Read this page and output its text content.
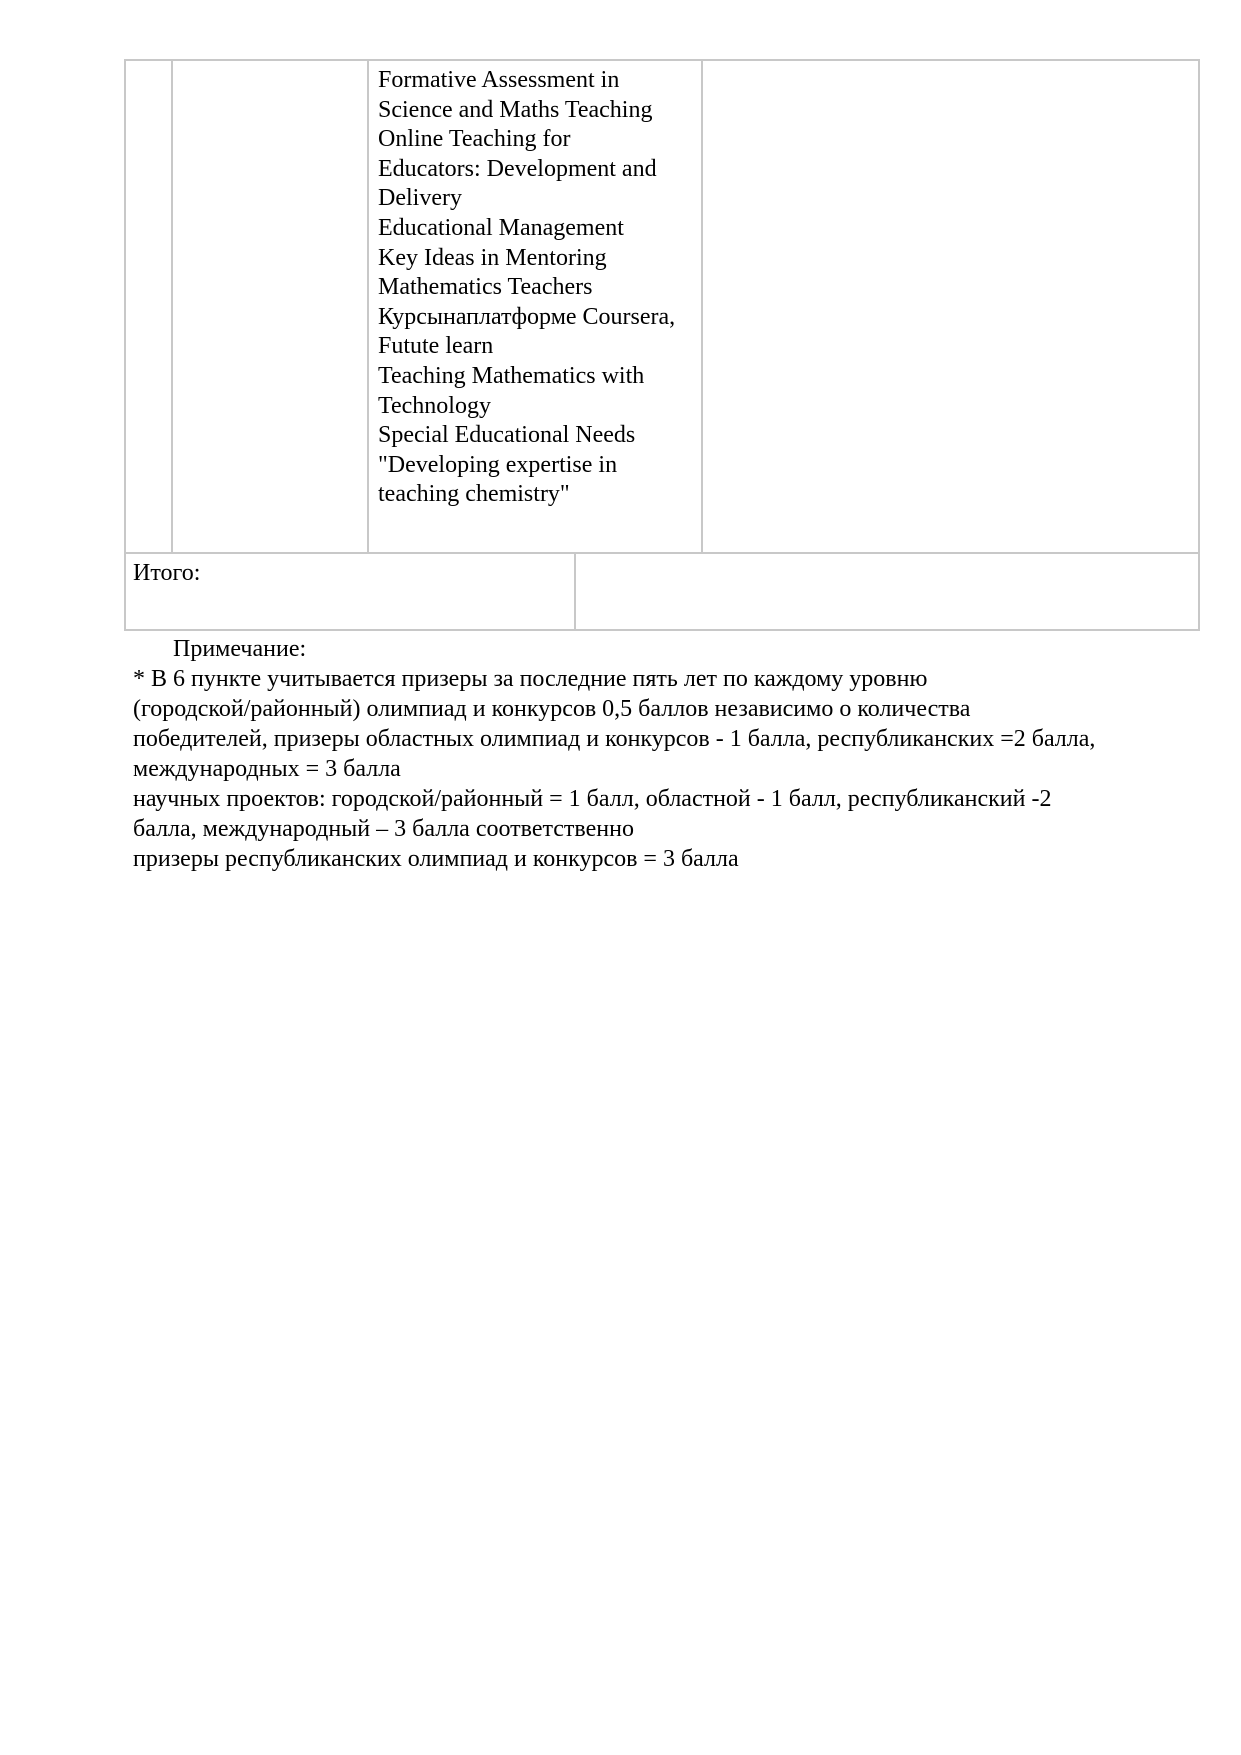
Formative Assessment in
Science and Maths Teaching
Online Teaching for
Educators: Development and
Delivery
Educational Management
Key Ideas in Mentoring
Mathematics Teachers
Курсынаплатформе Coursera,
Futute learn
Teaching Mathematics with
Technology
Special Educational Needs
"Developing expertise in
teaching chemistry"
Итого:
Примечание:
* В 6 пункте учитывается призеры за последние пять лет по каждому уровню
(городской/районный) олимпиад и конкурсов 0,5 баллов независимо о количества
победителей, призеры областных олимпиад и конкурсов - 1 балла, республиканских =2 балла,
международных = 3 балла
научных проектов: городской/районный = 1 балл, областной - 1 балл, республиканский -2
балла, международный – 3 балла соответственно
призеры республиканских олимпиад и конкурсов = 3 балла
